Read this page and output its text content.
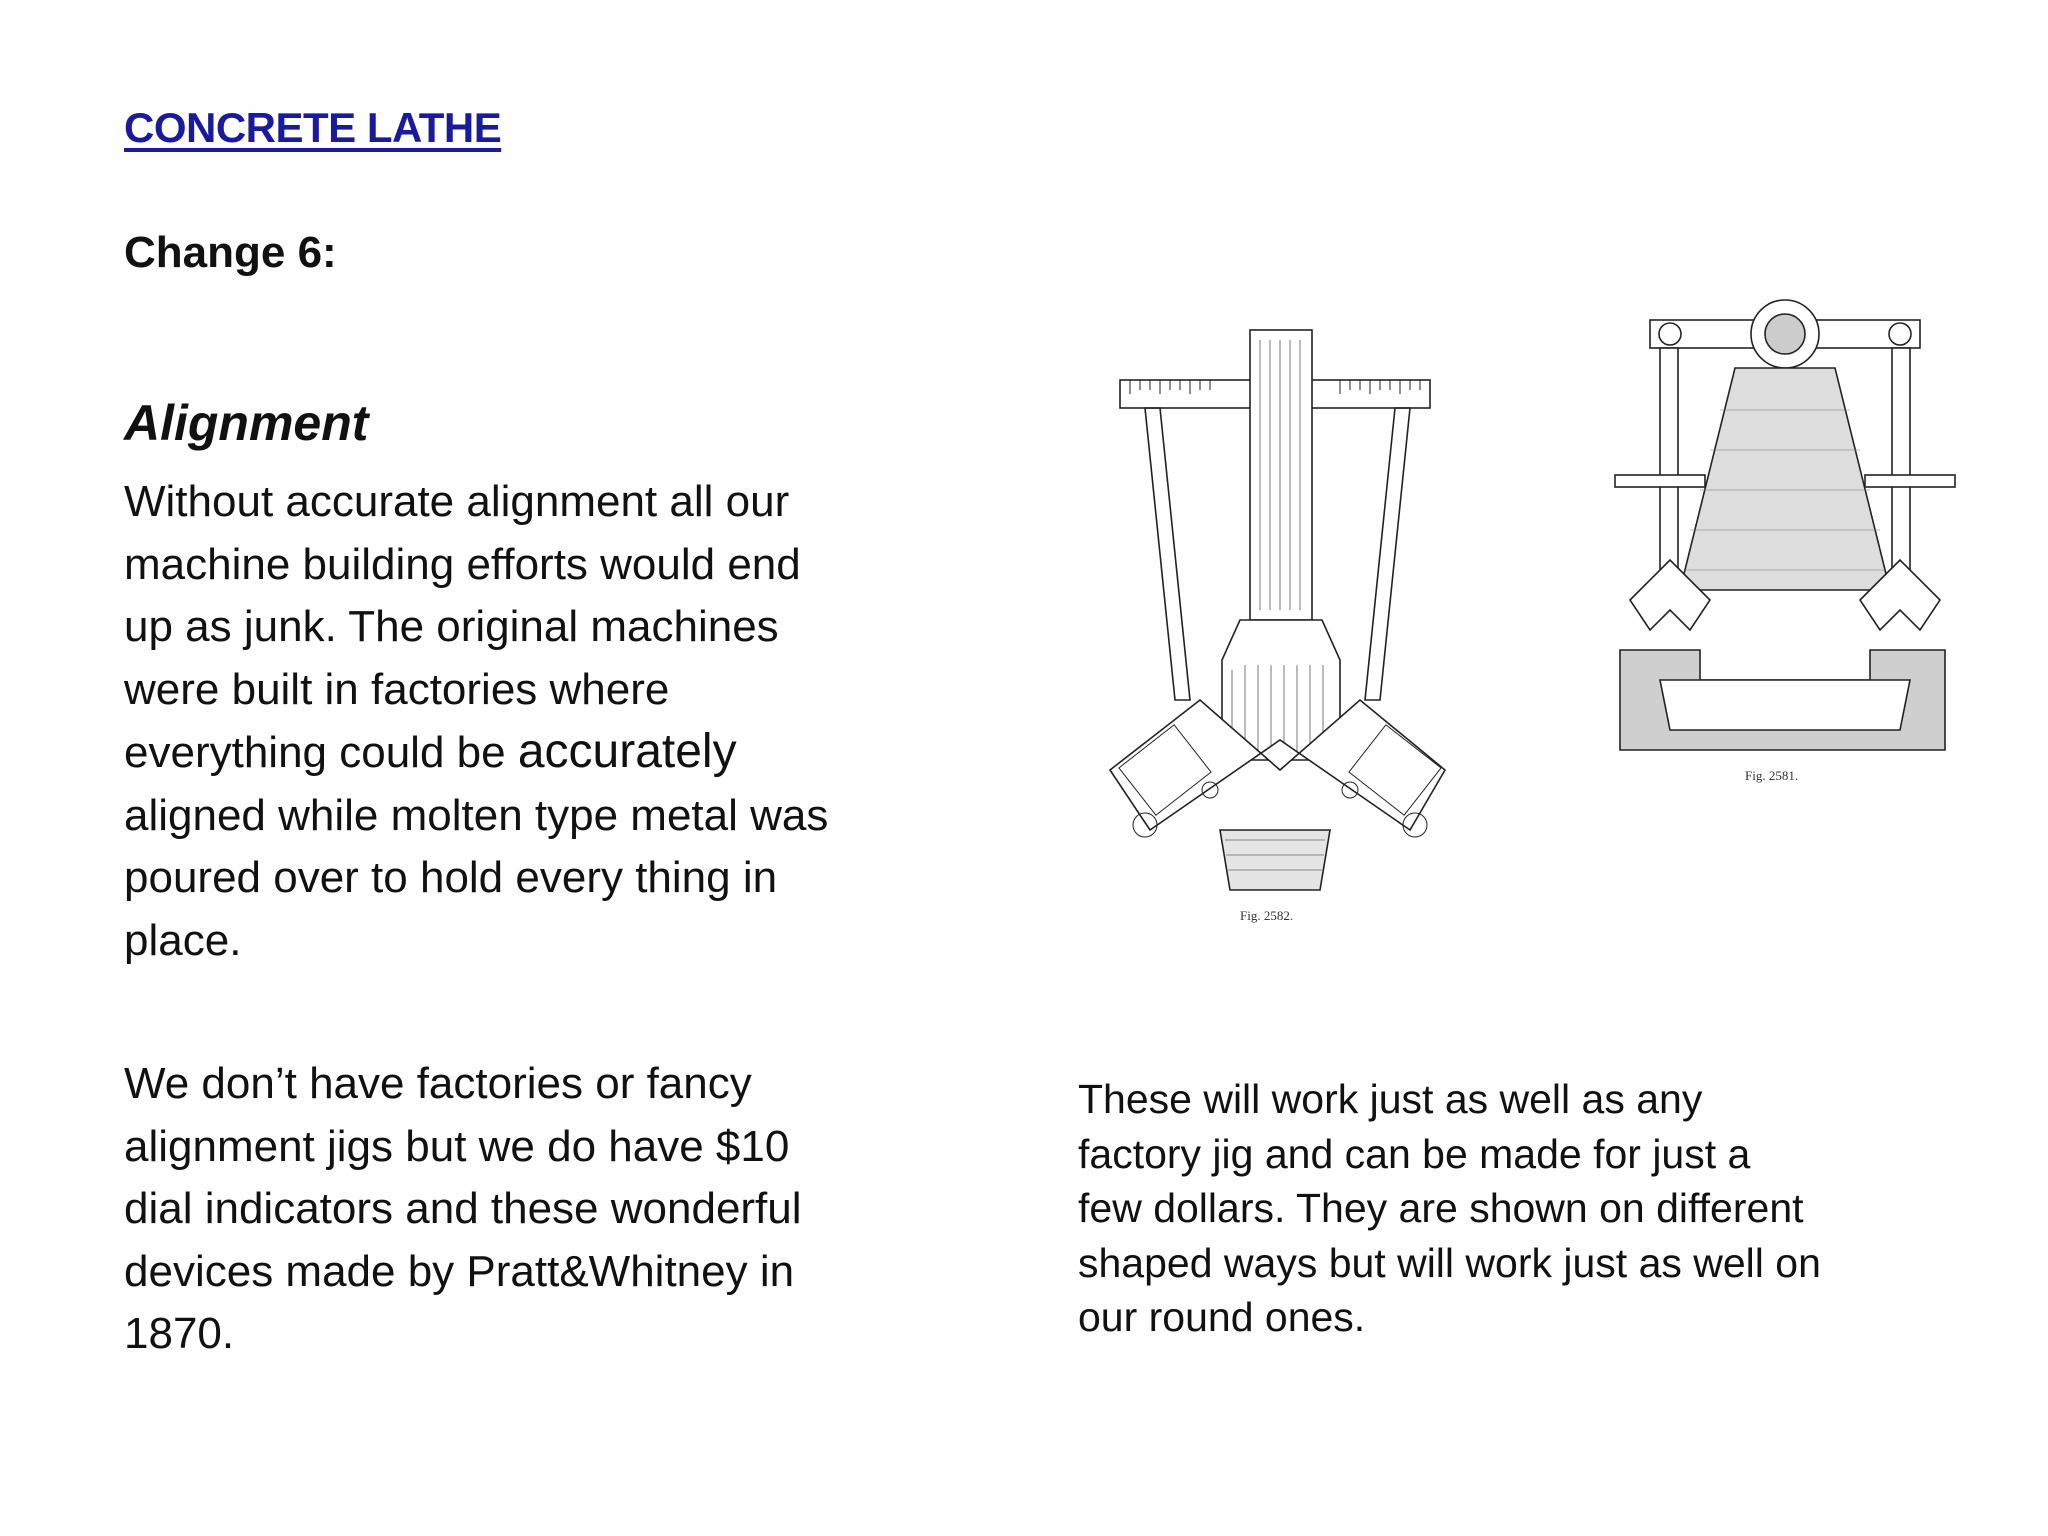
CONCRETE LATHE
Change 6:
Alignment
Without accurate alignment all our
machine building efforts would end
up as junk. The original machines
were built in factories where
everything could be accurately
aligned while molten type metal was
poured over to hold every thing in
place.
We don’t have factories or fancy
alignment jigs but we do have $10
dial indicators and these wonderful
devices made by Pratt&Whitney in
1870.
Fig. 2582.
Fig. 2581.
These will work just as well as any
factory jig and can be made for just a
few dollars. They are shown on different
shaped ways but will work just as well on
our round ones.
